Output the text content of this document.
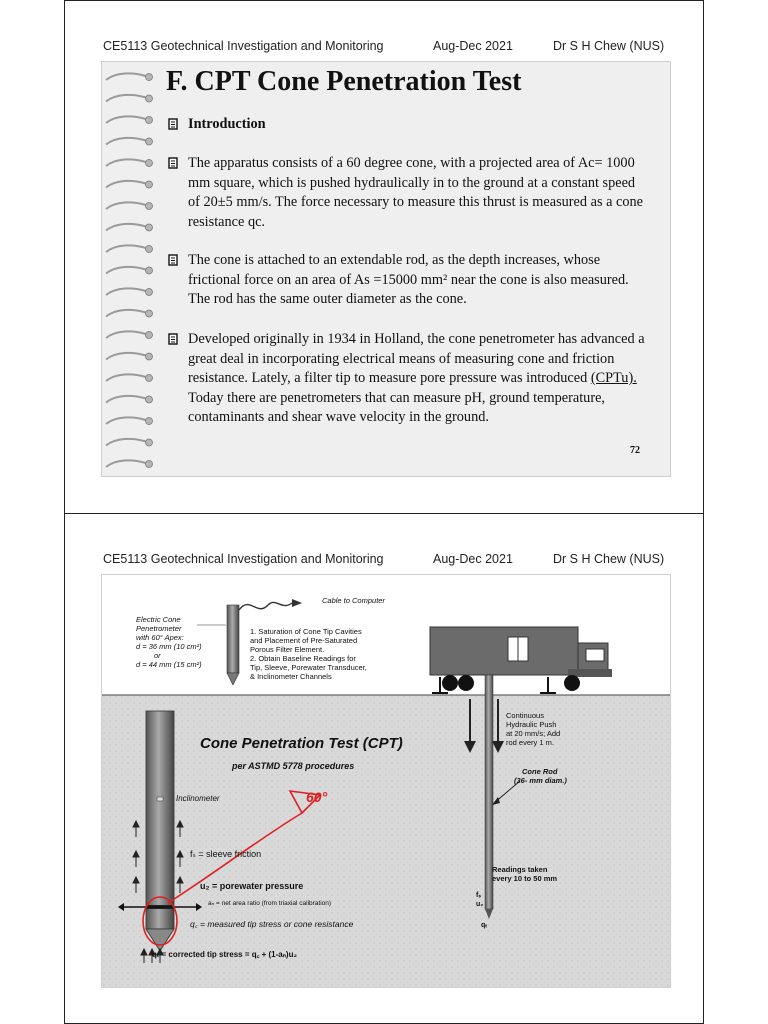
CE5113 Geotechnical Investigation and Monitoring	Aug-Dec 2021	Dr S H Chew (NUS)
F. CPT Cone Penetration Test
Introduction
The apparatus consists of a 60 degree cone, with a projected area of Ac= 1000 mm square, which is pushed hydraulically in to the ground at a constant speed of 20±5 mm/s. The force necessary to measure this thrust is measured as a cone resistance qc.
The cone is attached to an extendable rod, as the depth increases, whose frictional force on an area of As =15000 mm² near the cone is also measured. The rod has the same outer diameter as the cone.
Developed originally in 1934 in Holland, the cone penetrometer has advanced a great deal in incorporating electrical means of measuring cone and friction resistance. Lately, a filter tip to measure pore pressure was introduced (CPTu). Today there are penetrometers that can measure pH, ground temperature, contaminants and shear wave velocity in the ground.
72
CE5113 Geotechnical Investigation and Monitoring	Aug-Dec 2021	Dr S H Chew (NUS)
Cable to Computer
Electric Cone
Penetrometer
with 60° Apex:
d = 36 mm (10 cm²)
or
d = 44 mm (15 cm²)
1. Saturation of Cone Tip Cavities
and Placement of Pre-Saturated
Porous Filter Element.
2. Obtain Baseline Readings for
Tip, Sleeve, Porewater Transducer,
& Inclinometer Channels
Cone Penetration Test (CPT)
per ASTMD 5778 procedures
Inclinometer	60°
fₛ = sleeve friction
u₂ = porewater pressure
aₙ = net area ratio (from triaxial calibration)
q꜀ = measured tip stress or cone resistance
qₜ = corrected tip stress = q꜀ + (1-aₙ)u₂
Continuous
Hydraulic Push
at 20 mm/s; Add
rod every 1 m.
Cone Rod
(36- mm diam.)
Readings taken
every 10 to 50 mm
fₛ
u₂
qₜ
